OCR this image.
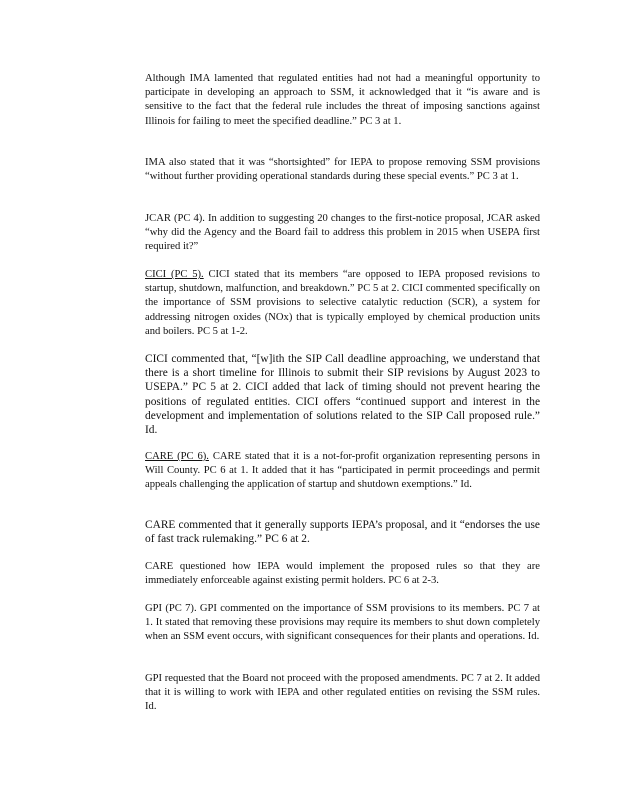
Although IMA lamented that regulated entities had not had a meaningful opportunity to participate in developing an approach to SSM, it acknowledged that it “is aware and is sensitive to the fact that the federal rule includes the threat of imposing sanctions against Illinois for failing to meet the specified deadline.” PC 3 at 1.

IMA also stated that it was “shortsighted” for IEPA to propose removing SSM provisions “without further providing operational standards during these special events.” PC 3 at 1.

JCAR (PC 4). In addition to suggesting 20 changes to the first-notice proposal, JCAR asked “why did the Agency and the Board fail to address this problem in 2015 when USEPA first required it?”

CICI (PC 5). CICI stated that its members “are opposed to IEPA proposed revisions to startup, shutdown, malfunction, and breakdown.” PC 5 at 2. CICI commented specifically on the importance of SSM provisions to selective catalytic reduction (SCR), a system for addressing nitrogen oxides (NOx) that is typically employed by chemical production units and boilers. PC 5 at 1-2.

CICI commented that, “[w]ith the SIP Call deadline approaching, we understand that there is a short timeline for Illinois to submit their SIP revisions by August 2023 to USEPA.” PC 5 at 2. CICI added that lack of timing should not prevent hearing the positions of regulated entities. CICI offers “continued support and interest in the development and implementation of solutions related to the SIP Call proposed rule.” Id.

CARE (PC 6). CARE stated that it is a not-for-profit organization representing persons in Will County. PC 6 at 1. It added that it has “participated in permit proceedings and permit appeals challenging the application of startup and shutdown exemptions.” Id.

CARE commented that it generally supports IEPA’s proposal, and it “endorses the use of fast track rulemaking.” PC 6 at 2.

CARE questioned how IEPA would implement the proposed rules so that they are immediately enforceable against existing permit holders. PC 6 at 2-3.

GPI (PC 7). GPI commented on the importance of SSM provisions to its members. PC 7 at 1. It stated that removing these provisions may require its members to shut down completely when an SSM event occurs, with significant consequences for their plants and operations. Id.

GPI requested that the Board not proceed with the proposed amendments. PC 7 at 2. It added that it is willing to work with IEPA and other regulated entities on revising the SSM rules. Id.
